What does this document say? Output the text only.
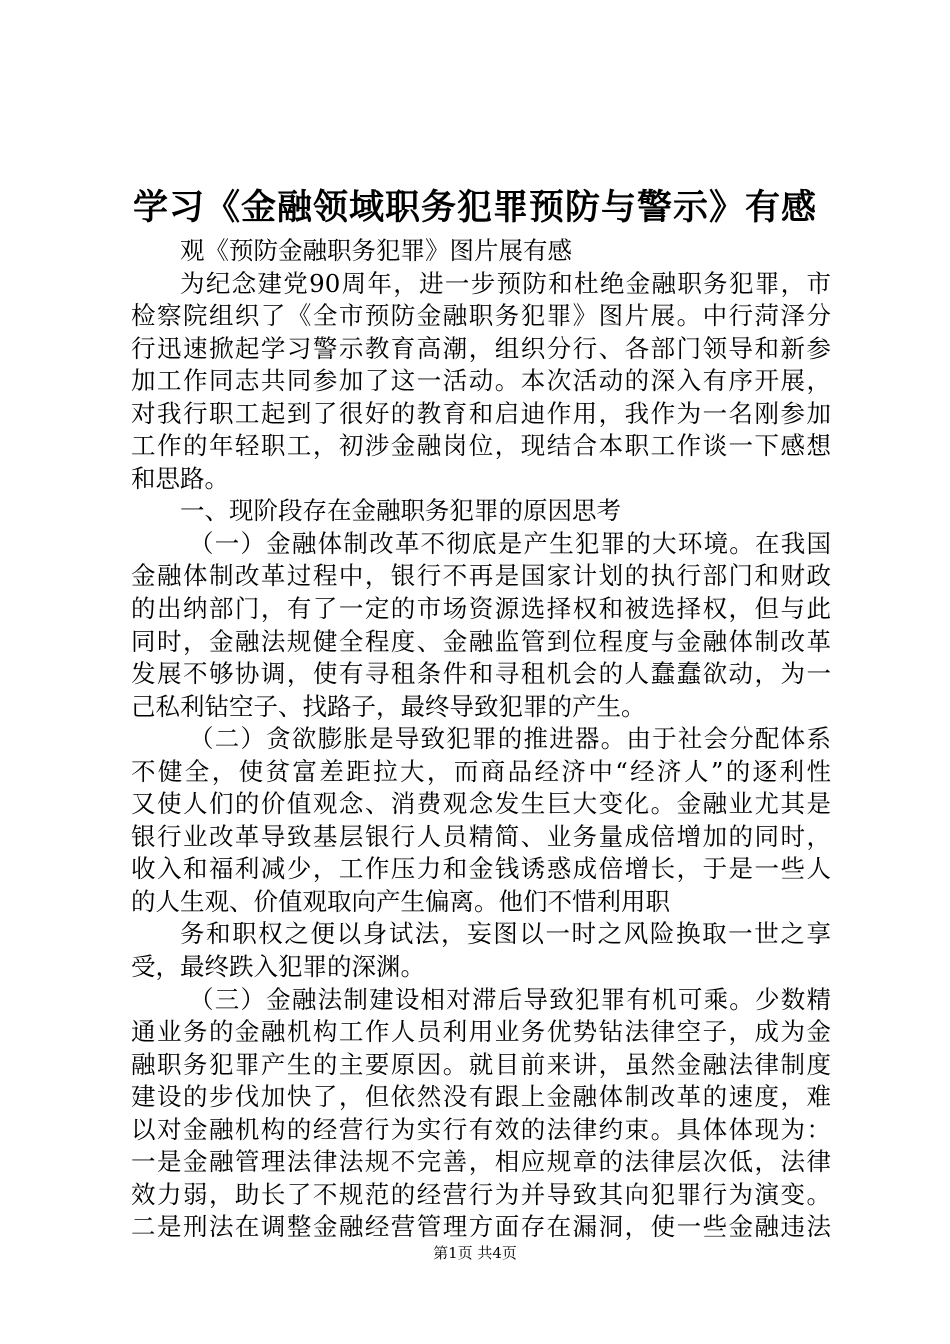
学习《金融领域职务犯罪预防与警示》有感
观《预防金融职务犯罪》图片展有感
为纪念建党90周年，进一步预防和杜绝金融职务犯罪，市
检察院组织了《全市预防金融职务犯罪》图片展。中行菏泽分
行迅速掀起学习警示教育高潮，组织分行、各部门领导和新参
加工作同志共同参加了这一活动。本次活动的深入有序开展，
对我行职工起到了很好的教育和启迪作用，我作为一名刚参加
工作的年轻职工，初涉金融岗位，现结合本职工作谈一下感想
和思路。
一、现阶段存在金融职务犯罪的原因思考
（一）金融体制改革不彻底是产生犯罪的大环境。在我国
金融体制改革过程中，银行不再是国家计划的执行部门和财政
的出纳部门，有了一定的市场资源选择权和被选择权，但与此
同时，金融法规健全程度、金融监管到位程度与金融体制改革
发展不够协调，使有寻租条件和寻租机会的人蠢蠢欲动，为一
己私利钻空子、找路子，最终导致犯罪的产生。
（二）贪欲膨胀是导致犯罪的推进器。由于社会分配体系
不健全，使贫富差距拉大，而商品经济中“经济人”的逐利性
又使人们的价值观念、消费观念发生巨大变化。金融业尤其是
银行业改革导致基层银行人员精简、业务量成倍增加的同时，
收入和福利减少，工作压力和金钱诱惑成倍增长，于是一些人
的人生观、价值观取向产生偏离。他们不惜利用职
务和职权之便以身试法，妄图以一时之风险换取一世之享
受，最终跌入犯罪的深渊。
（三）金融法制建设相对滞后导致犯罪有机可乘。少数精
通业务的金融机构工作人员利用业务优势钻法律空子，成为金
融职务犯罪产生的主要原因。就目前来讲，虽然金融法律制度
建设的步伐加快了，但依然没有跟上金融体制改革的速度，难
以对金融机构的经营行为实行有效的法律约束。具体体现为：
一是金融管理法律法规不完善，相应规章的法律层次低，法律
效力弱，助长了不规范的经营行为并导致其向犯罪行为演变。
二是刑法在调整金融经营管理方面存在漏洞，使一些金融违法
第1页 共4页
